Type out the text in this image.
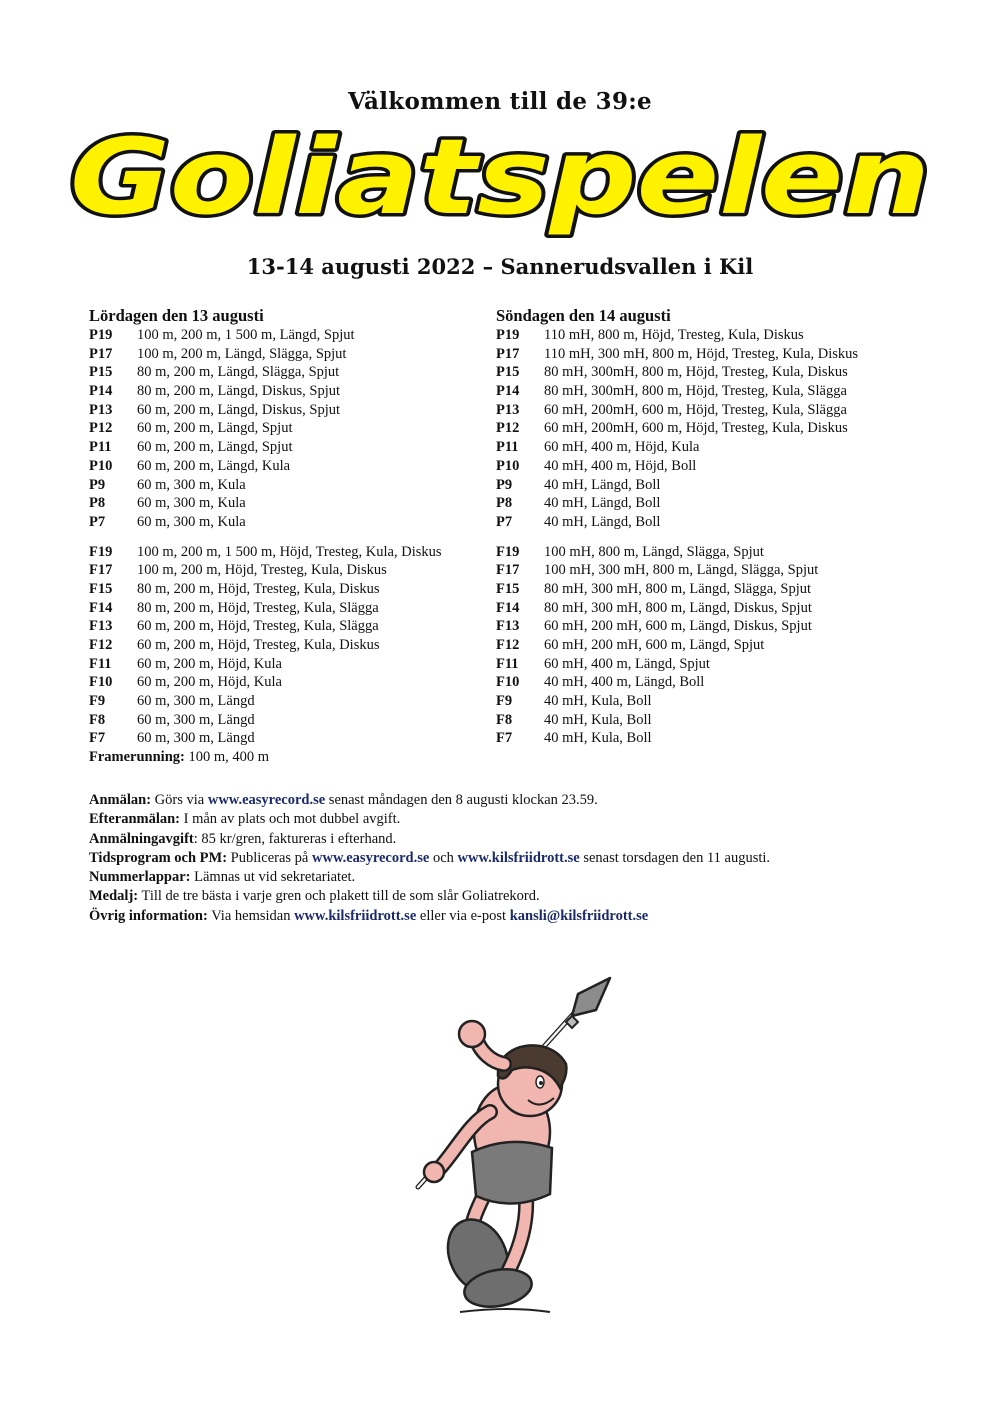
Välkommen till de 39:e
Goliatspelen
13-14 augusti 2022 – Sannerudsvallen i Kil
Lördagen den 13 augusti
P19	100 m, 200 m, 1 500 m, Längd, Spjut
P17	100 m, 200 m, Längd, Slägga, Spjut
P15	80 m, 200 m, Längd, Slägga, Spjut
P14	80 m, 200 m, Längd, Diskus, Spjut
P13	60 m, 200 m, Längd, Diskus, Spjut
P12	60 m, 200 m, Längd, Spjut
P11	60 m, 200 m, Längd, Spjut
P10	60 m, 200 m, Längd, Kula
P9	60 m, 300 m, Kula
P8	60 m, 300 m, Kula
P7	60 m, 300 m, Kula
F19	100 m, 200 m, 1 500 m, Höjd, Tresteg, Kula, Diskus
F17	100 m, 200 m, Höjd, Tresteg, Kula, Diskus
F15	80 m, 200 m, Höjd, Tresteg, Kula, Diskus
F14	80 m, 200 m, Höjd, Tresteg, Kula, Slägga
F13	60 m, 200 m, Höjd, Tresteg, Kula, Slägga
F12	60 m, 200 m, Höjd, Tresteg, Kula, Diskus
F11	60 m, 200 m, Höjd, Kula
F10	60 m, 200 m, Höjd, Kula
F9	60 m, 300 m, Längd
F8	60 m, 300 m, Längd
F7	60 m, 300 m, Längd
Framerunning: 100 m, 400 m
Söndagen den 14 augusti
P19	110 mH, 800 m, Höjd, Tresteg, Kula, Diskus
P17	110 mH, 300 mH, 800 m, Höjd, Tresteg, Kula, Diskus
P15	80 mH, 300mH, 800 m, Höjd, Tresteg, Kula, Diskus
P14	80 mH, 300mH, 800 m, Höjd, Tresteg, Kula, Slägga
P13	60 mH, 200mH, 600 m, Höjd, Tresteg, Kula, Slägga
P12	60 mH, 200mH, 600 m, Höjd, Tresteg, Kula, Diskus
P11	60 mH, 400 m, Höjd, Kula
P10	40 mH, 400 m, Höjd, Boll
P9	40 mH, Längd, Boll
P8	40 mH, Längd, Boll
P7	40 mH, Längd, Boll
F19	100 mH, 800 m, Längd, Slägga, Spjut
F17	100 mH, 300 mH, 800 m, Längd, Slägga, Spjut
F15	80 mH, 300 mH, 800 m, Längd, Slägga, Spjut
F14	80 mH, 300 mH, 800 m, Längd, Diskus, Spjut
F13	60 mH, 200 mH, 600 m, Längd, Diskus, Spjut
F12	60 mH, 200 mH, 600 m, Längd, Spjut
F11	60 mH, 400 m, Längd, Spjut
F10	40 mH, 400 m, Längd, Boll
F9	40 mH, Kula, Boll
F8	40 mH, Kula, Boll
F7	40 mH, Kula, Boll
Anmälan: Görs via www.easyrecord.se senast måndagen den 8 augusti klockan 23.59.
Efteranmälan: I mån av plats och mot dubbel avgift.
Anmälningavgift: 85 kr/gren, faktureras i efterhand.
Tidsprogram och PM: Publiceras på www.easyrecord.se och www.kilsfriidrott.se senast torsdagen den 11 augusti.
Nummerlappar: Lämnas ut vid sekretariatet.
Medalj: Till de tre bästa i varje gren och plakett till de som slår Goliatrekord.
Övrig information: Via hemsidan www.kilsfriidrott.se eller via e-post kansli@kilsfriidrott.se
